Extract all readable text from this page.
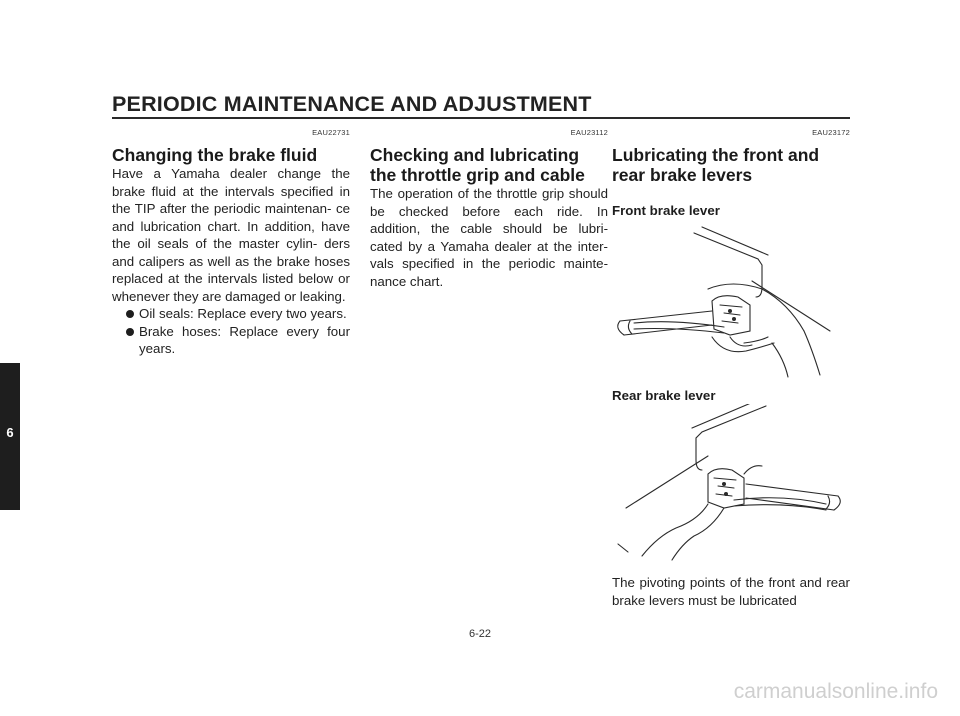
PERIODIC MAINTENANCE AND ADJUSTMENT
6
EAU22731
Changing the brake fluid

Have a Yamaha dealer change the brake fluid at the intervals specified in the TIP after the periodic maintenan- ce and lubrication chart. In addition, have the oil seals of the master cylin- ders and calipers as well as the brake hoses replaced at the intervals listed below or whenever they are damaged or leaking.

Oil seals: Replace every two years.
Brake hoses: Replace every four years.
EAU23112
Checking and lubricating the throttle grip and cable

The operation of the throttle grip should be checked before each ride. In addition, the cable should be lubri- cated by a Yamaha dealer at the inter- vals specified in the periodic mainte- nance chart.

EAU23172
Lubricating the front and rear brake levers

Front brake lever

Rear brake lever

The pivoting points of the front and rear brake levers must be lubricated

6-22
carmanualsonline.info
